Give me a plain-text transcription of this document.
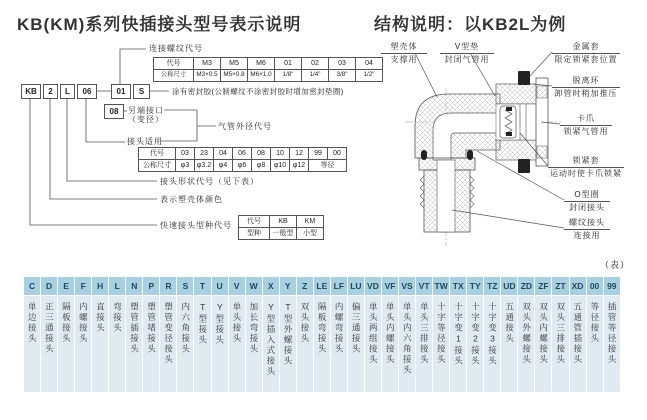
KB(KM)系列快插接头型号表示说明	结构说明：以KB2L为例
KB	2	L	06	01	S
08
连接螺纹代号
涂有密封胶(公制螺纹不涂密封胶时增加密封垫圈)
另端接口
（变径）
接头适用
气管外径代号
接头形状代号（见下表）
表示塑壳体颜色
快速接头型种代号
代号	M3	M5	M6	01	02	03	04
公称尺寸	M3×0.5	M5×0.8	M6×1.0	1/8"	1/4"	3/8"	1/2"
代号	03	23	04	06	08	10	12	99	00
公称尺寸	φ3	φ3.2	φ4	φ6	φ8	φ10	φ12	等径	
代号	KB	KM
型种	一般型	小型
塑壳体
支撑用
V型垫
封闭气管用
金属套
限定锁紧套位置
脱离环
卸管时稍加推压
卡爪
锁紧气管用
锁紧套
运动时使卡爪锁紧
O型圈
封闭接头
螺纹接头
连接用
（表）
C	D	E	F	H	L	N	P	R	S	T	U	V	W	X	Y	Z	LE	LF	LU	VD	VF	VS	VT	TW	TX	TY	TZ	UD	ZD	ZF	ZT	XD	00	99
单边接头	正三通接头	隔板接头	内螺接头	直接头	弯接头	塑管插接头	塑管堵接头	塑管变径接头	内六角接头	T型接头	Y型接头	单头接头	加长弯接头	Y型插入式接头	T型外螺接头	双头接头	隔板弯接头	内螺弯接头	偏三通接头	单头两组接头	单头内螺接头	单头内六角接头	单头三排接头	十字等径接头	十字变1接头	十字变2接头	十字变3接头	五通接头	双头外螺接头	双头内螺接头	双头三排接头	五通管插接头	等径接头	插管等径接头
